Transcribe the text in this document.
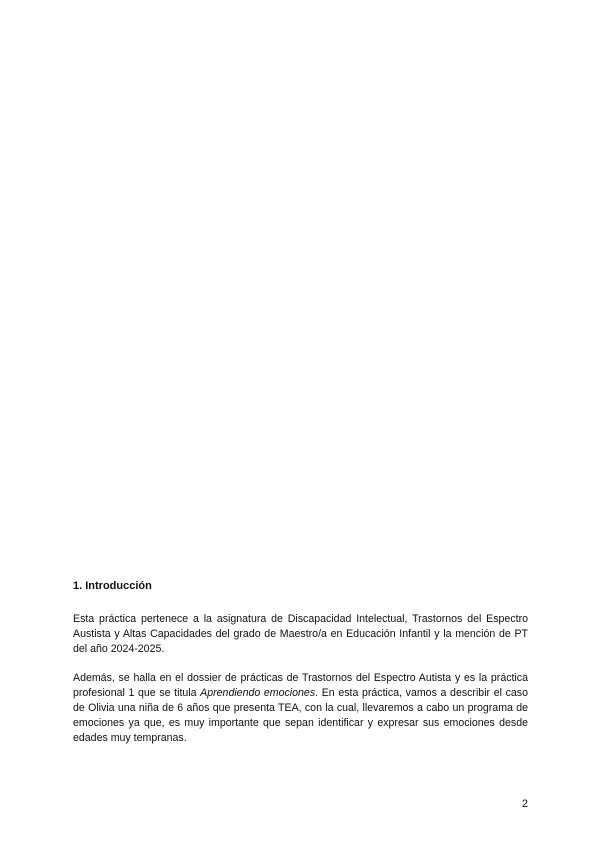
1. Introducción

Esta práctica pertenece a la asignatura de Discapacidad Intelectual, Trastornos del Espectro Austista y Altas Capacidades del grado de Maestro/a en Educación Infantil y la mención de PT del año 2024-2025.

Además, se halla en el dossier de prácticas de Trastornos del Espectro Autista y es la práctica profesional 1 que se titula Aprendiendo emociones. En esta práctica, vamos a describir el caso de Olivia una niña de 6 años que presenta TEA, con la cual, llevaremos a cabo un programa de emociones ya que, es muy importante que sepan identificar y expresar sus emociones desde edades muy tempranas.

2
